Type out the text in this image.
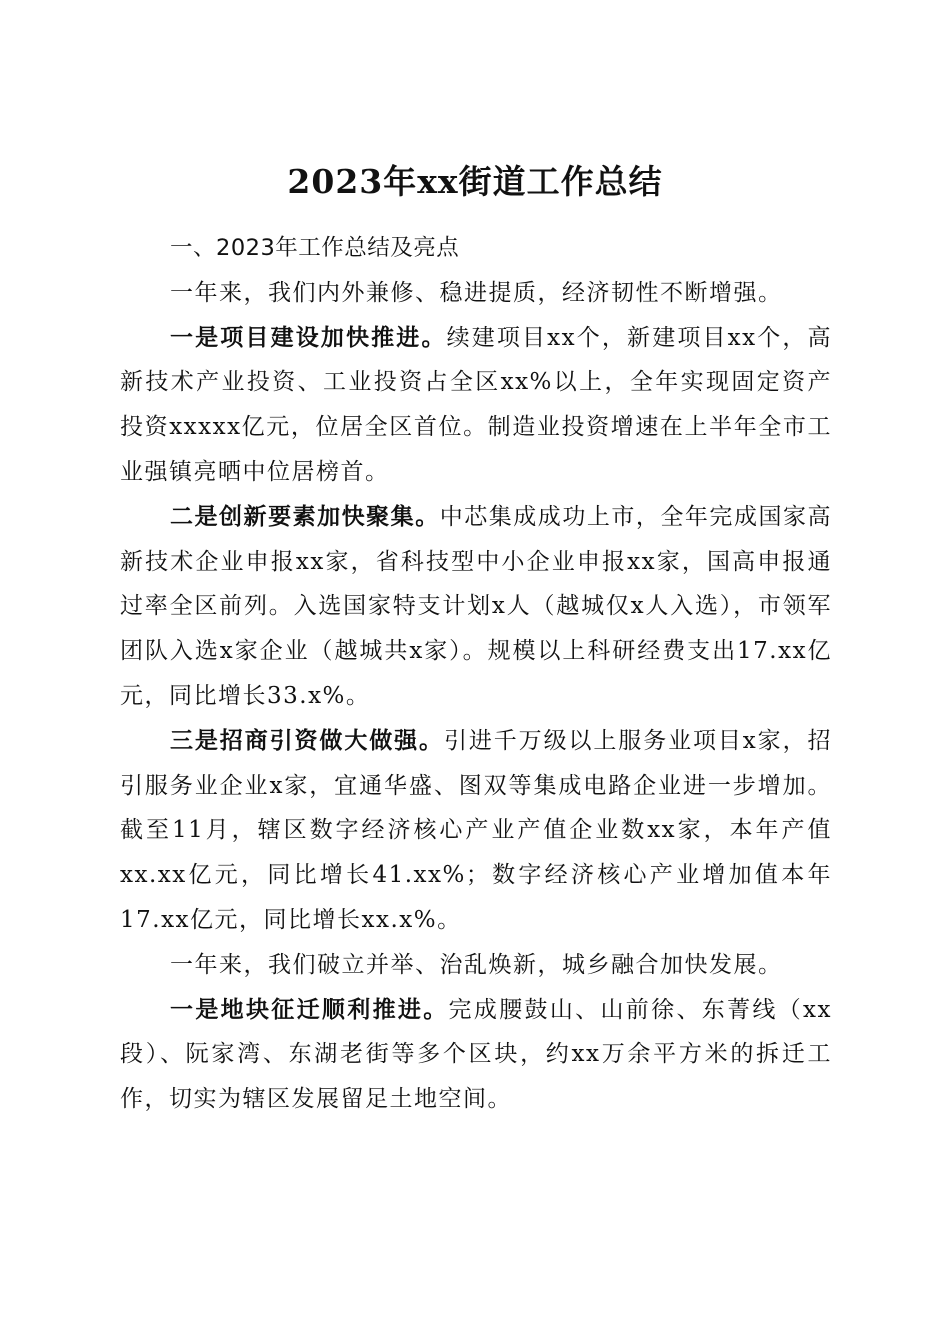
2023年xx街道工作总结

一、2023年工作总结及亮点

一年来，我们内外兼修、稳进提质，经济韧性不断增强。

一是项目建设加快推进。续建项目xx个，新建项目xx个，高新技术产业投资、工业投资占全区xx%以上，全年实现固定资产投资xxxxx亿元，位居全区首位。制造业投资增速在上半年全市工业强镇亮晒中位居榜首。

二是创新要素加快聚集。中芯集成成功上市，全年完成国家高新技术企业申报xx家，省科技型中小企业申报xx家，国高申报通过率全区前列。入选国家特支计划x人（越城仅x人入选），市领军团队入选x家企业（越城共x家）。规模以上科研经费支出17.xx亿元，同比增长33.x%。

三是招商引资做大做强。引进千万级以上服务业项目x家，招引服务业企业x家，宜通华盛、图双等集成电路企业进一步增加。截至11月，辖区数字经济核心产业产值企业数xx家，本年产值xx.xx亿元，同比增长41.xx%；数字经济核心产业增加值本年17.xx亿元，同比增长xx.x%。

一年来，我们破立并举、治乱焕新，城乡融合加快发展。

一是地块征迁顺利推进。完成腰鼓山、山前徐、东菁线（xx段）、阮家湾、东湖老街等多个区块，约xx万余平方米的拆迁工作，切实为辖区发展留足土地空间。
